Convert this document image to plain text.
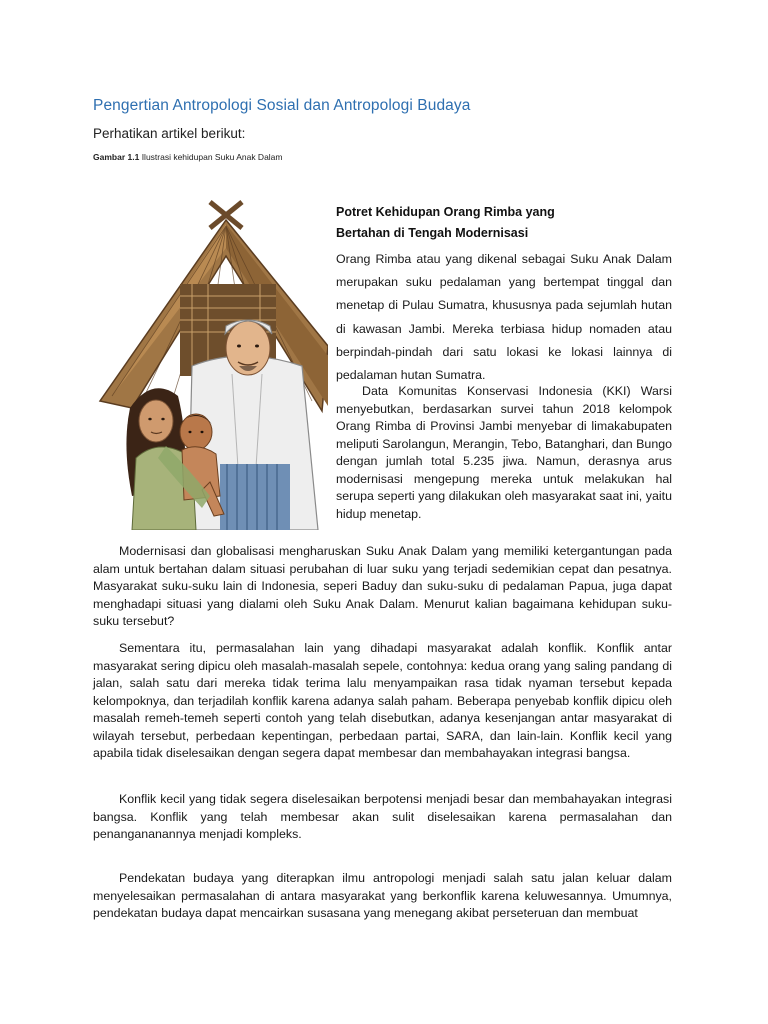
Pengertian Antropologi Sosial dan Antropologi Budaya
Perhatikan artikel berikut:
Gambar 1.1 Ilustrasi kehidupan Suku Anak Dalam
Potret Kehidupan Orang Rimba yang
Bertahan di Tengah Modernisasi

Orang Rimba atau yang dikenal sebagai Suku Anak Dalam merupakan suku pedalaman yang bertempat tinggal dan menetap di Pulau Sumatra, khususnya pada sejumlah hutan di kawasan Jambi. Mereka terbiasa hidup nomaden atau berpindah-pindah dari satu lokasi ke lokasi lainnya di pedalaman hutan Sumatra.

Data Komunitas Konservasi Indonesia (KKI) Warsi menyebutkan, berdasarkan survei tahun 2018 kelompok Orang Rimba di Provinsi Jambi menyebar di limakabupaten meliputi Sarolangun, Merangin, Tebo, Batanghari, dan Bungo dengan jumlah total 5.235 jiwa. Namun, derasnya arus modernisasi mengepung mereka untuk melakukan hal serupa seperti yang dilakukan oleh masyarakat saat ini, yaitu hidup menetap.

Modernisasi dan globalisasi mengharuskan Suku Anak Dalam yang memiliki ketergantungan pada alam untuk bertahan dalam situasi perubahan di luar suku yang terjadi sedemikian cepat dan pesatnya. Masyarakat suku-suku lain di Indonesia, seperi Baduy dan suku-suku di pedalaman Papua, juga dapat menghadapi situasi yang dialami oleh Suku Anak Dalam. Menurut kalian bagaimana kehidupan suku-suku tersebut?

Sementara itu, permasalahan lain yang dihadapi masyarakat adalah konflik. Konflik antar masyarakat sering dipicu oleh masalah-masalah sepele, contohnya: kedua orang yang saling pandang di jalan, salah satu dari mereka tidak terima lalu menyampaikan rasa tidak nyaman tersebut kepada kelompoknya, dan terjadilah konflik karena adanya salah paham. Beberapa penyebab konflik dipicu oleh masalah remeh-temeh seperti contoh yang telah disebutkan, adanya kesenjangan antar masyarakat di wilayah tersebut, perbedaan kepentingan, perbedaan partai, SARA, dan lain-lain. Konflik kecil yang apabila tidak diselesaikan dengan segera dapat membesar dan membahayakan integrasi bangsa.

Konflik kecil yang tidak segera diselesaikan berpotensi menjadi besar dan membahayakan integrasi bangsa. Konflik yang telah membesar akan sulit diselesaikan karena permasalahan dan penangananannya menjadi kompleks.

Pendekatan budaya yang diterapkan ilmu antropologi menjadi salah satu jalan keluar dalam menyelesaikan permasalahan di antara masyarakat yang berkonflik karena keluwesannya. Umumnya, pendekatan budaya dapat mencairkan susasana yang menegang akibat perseteruan dan membuat
